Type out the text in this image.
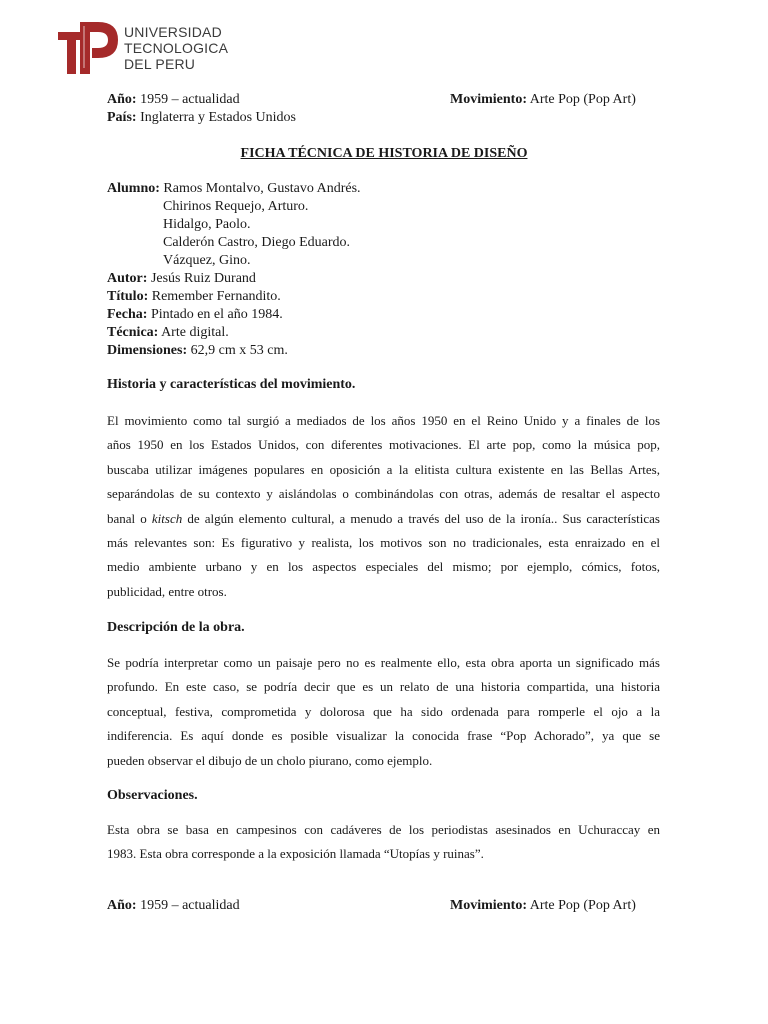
UNIVERSIDAD
TECNOLOGICA
DEL PERU
Año: 1959 – actualidad	Movimiento: Arte Pop (Pop Art)
País: Inglaterra y Estados Unidos
FICHA TÉCNICA DE HISTORIA DE DISEÑO
Alumno: Ramos Montalvo, Gustavo Andrés.
Chirinos Requejo, Arturo.
Hidalgo, Paolo.
Calderón Castro, Diego Eduardo.
Vázquez, Gino.
Autor: Jesús Ruiz Durand
Título: Remember Fernandito.
Fecha: Pintado en el año 1984.
Técnica: Arte digital.
Dimensiones: 62,9 cm x 53 cm.
Historia y características del movimiento.
El movimiento como tal surgió a mediados de los años 1950 en el Reino Unido y a finales de los
años 1950 en los Estados Unidos, con diferentes motivaciones. El arte pop, como la música pop,
buscaba utilizar imágenes populares en oposición a la elitista cultura existente en las Bellas Artes,
separándolas de su contexto y aislándolas o combinándolas con otras, además de resaltar el aspecto
banal o kitsch de algún elemento cultural, a menudo a través del uso de la ironía.. Sus características
más relevantes son: Es figurativo y realista, los motivos son no tradicionales, esta enraizado en el
medio ambiente urbano y en los aspectos especiales del mismo; por ejemplo, cómics, fotos,
publicidad, entre otros.
Descripción de la obra.
Se podría interpretar como un paisaje pero no es realmente ello, esta obra aporta un significado más
profundo. En este caso, se podría decir que es un relato de una historia compartida, una historia
conceptual, festiva, comprometida y dolorosa que ha sido ordenada para romperle el ojo a la
indiferencia. Es aquí donde es posible visualizar la conocida frase “Pop Achorado”, ya que se
pueden observar el dibujo de un cholo piurano, como ejemplo.
Observaciones.
Esta obra se basa en campesinos con cadáveres de los periodistas asesinados en Uchuraccay en
1983. Esta obra corresponde a la exposición llamada “Utopías y ruinas”.
Año: 1959 – actualidad	Movimiento: Arte Pop (Pop Art)
